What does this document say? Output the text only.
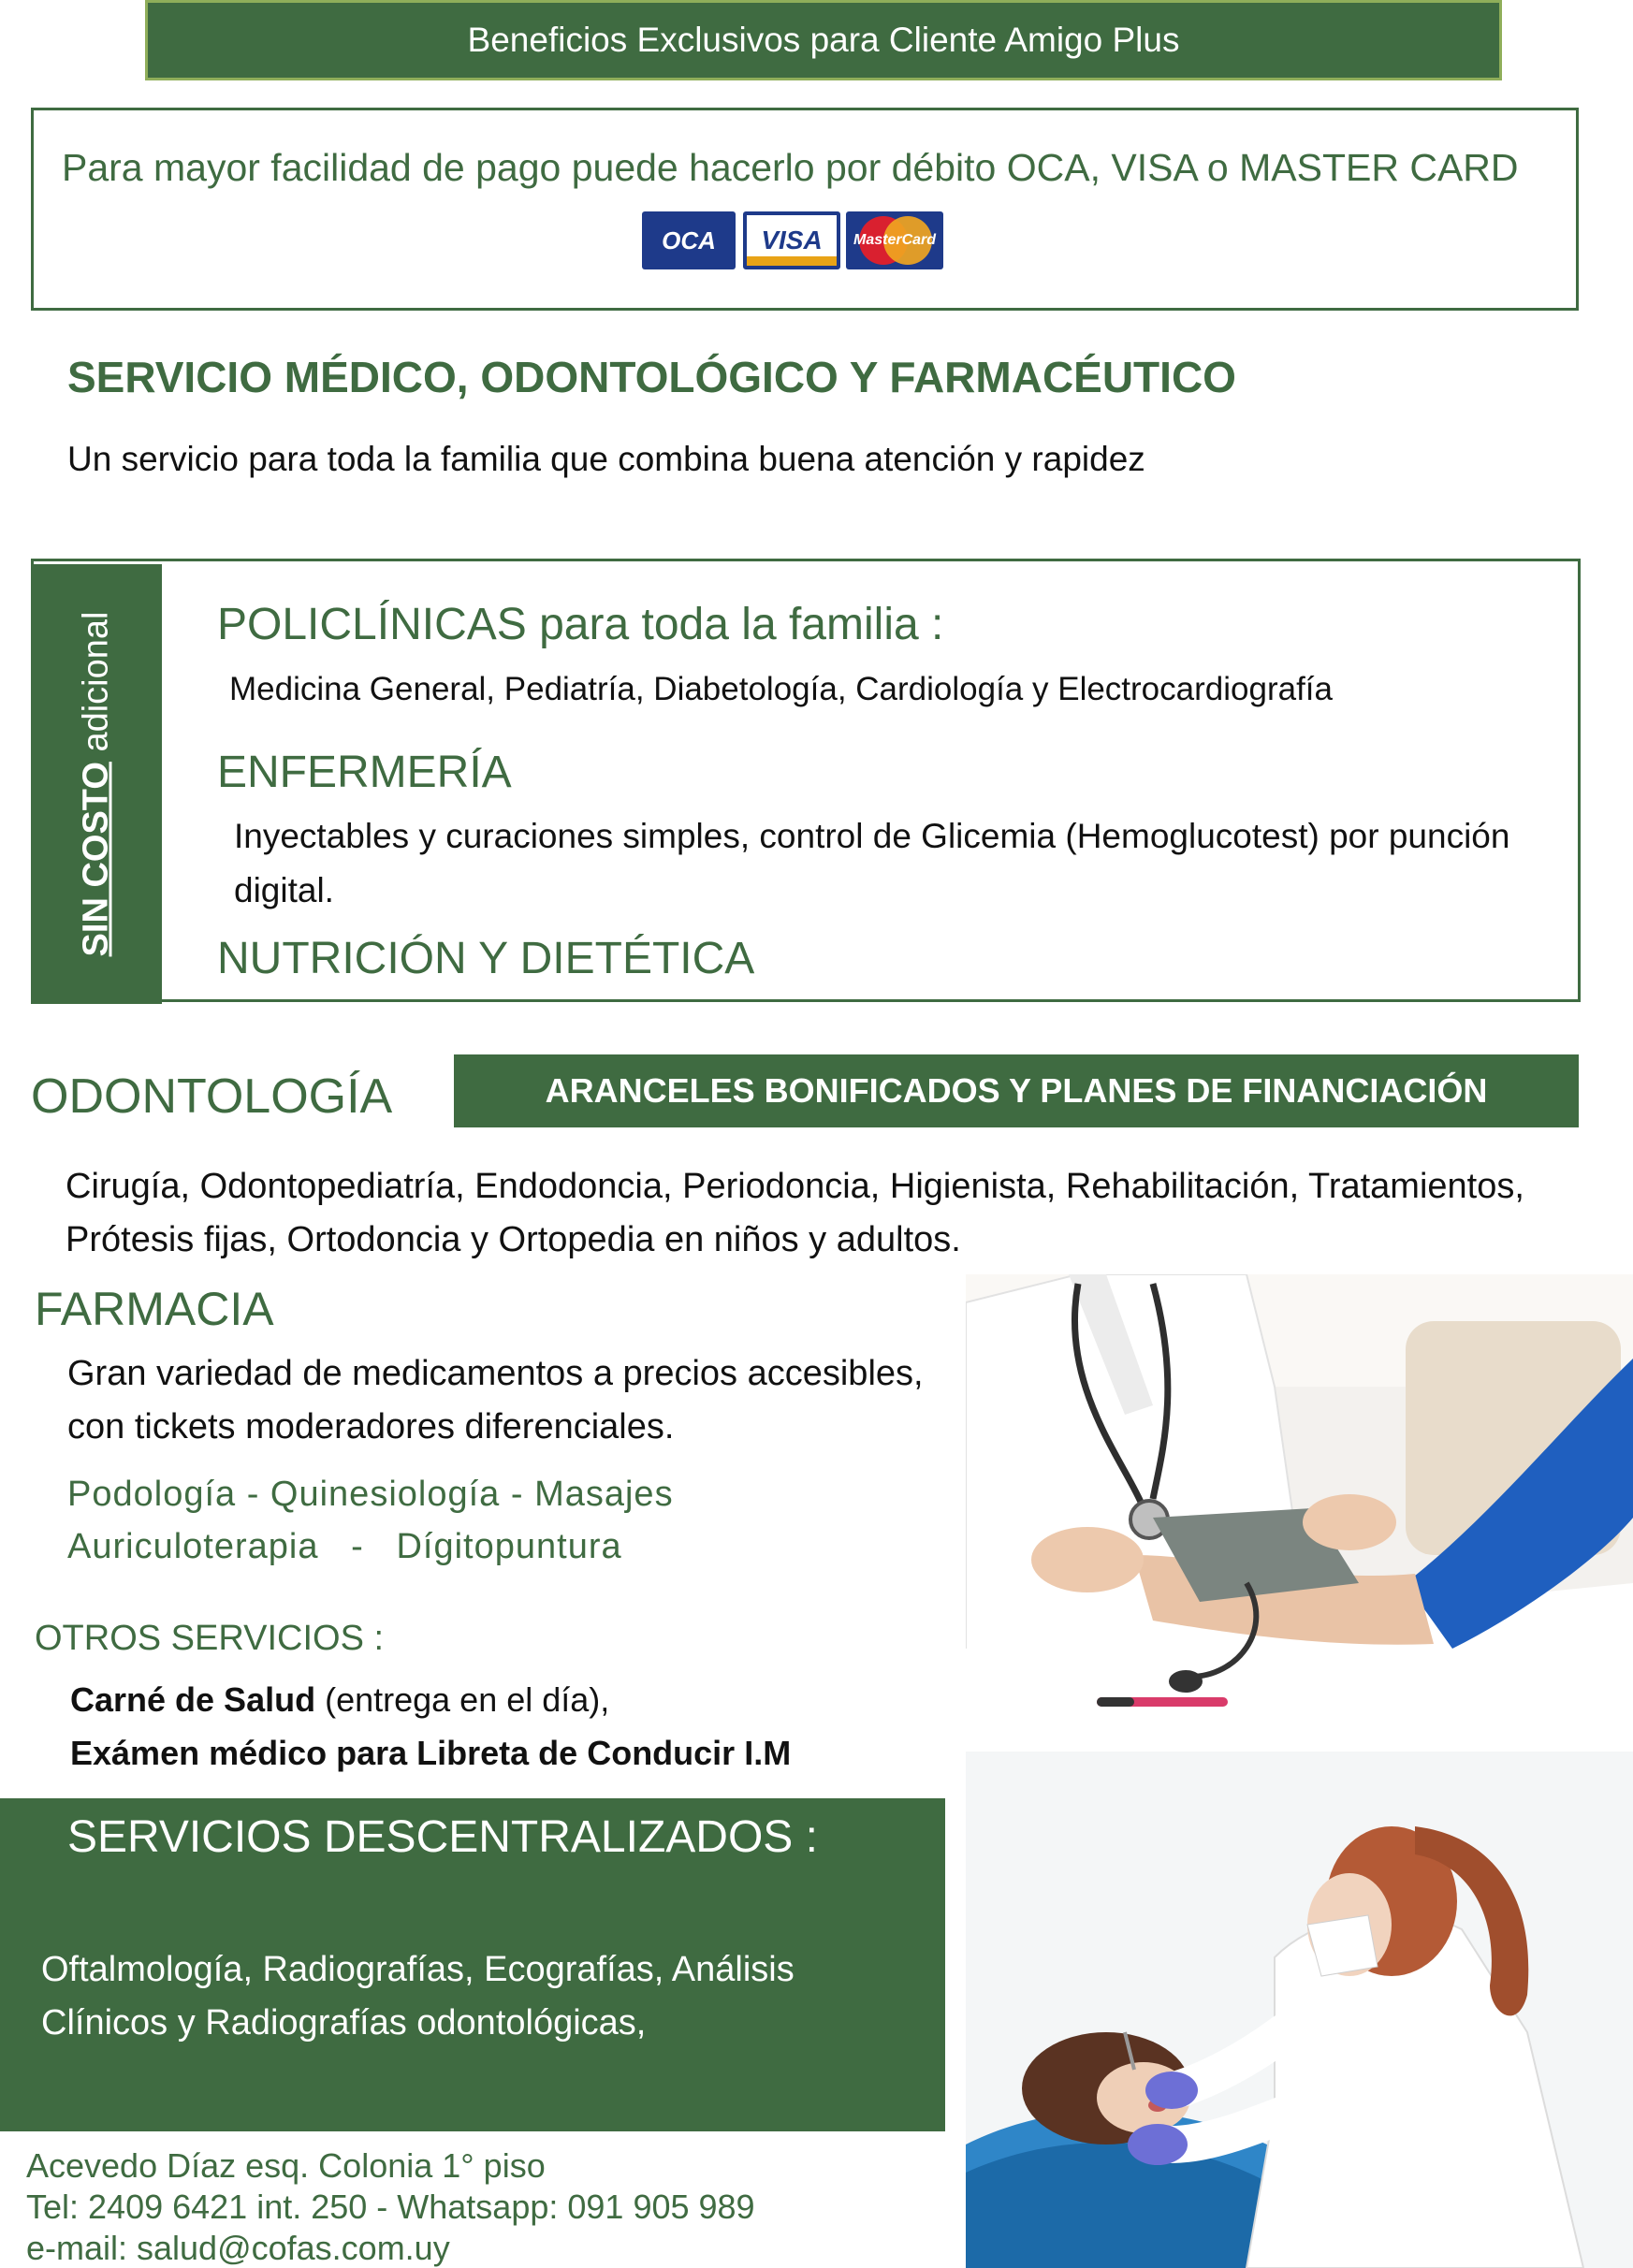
Beneficios Exclusivos para Cliente Amigo Plus
Para mayor facilidad de pago puede hacerlo por débito OCA, VISA o MASTER CARD
OCA VISA MasterCard
SERVICIO MÉDICO, ODONTOLÓGICO Y FARMACÉUTICO
Un servicio para toda la familia que combina buena atención y rapidez
SIN COSTO adicional POLICLÍNICAS para toda la familia :
Medicina General, Pediatría, Diabetología, Cardiología y Electrocardiografía
ENFERMERÍA
Inyectables y curaciones simples, control de Glicemia (Hemoglucotest) por punción digital.
NUTRICIÓN Y DIETÉTICA
ODONTOLOGÍA	ARANCELES BONIFICADOS Y PLANES DE FINANCIACIÓN
Cirugía, Odontopediatría, Endodoncia, Periodoncia, Higienista, Rehabilitación, Tratamientos, Prótesis fijas, Ortodoncia y Ortopedia en niños y adultos.
FARMACIA
Gran variedad de medicamentos a precios accesibles, con tickets moderadores diferenciales.
Podología - Quinesiología - Masajes
Auriculoterapia   -   Dígitopuntura
OTROS SERVICIOS :
Carné de Salud (entrega en el día),
Exámen médico para Libreta de Conducir I.M
SERVICIOS DESCENTRALIZADOS :
Oftalmología, Radiografías, Ecografías, Análisis Clínicos y Radiografías odontológicas,
Acevedo Díaz esq. Colonia 1° piso
Tel: 2409 6421 int. 250 - Whatsapp: 091 905 989
e-mail: salud@cofas.com.uy
